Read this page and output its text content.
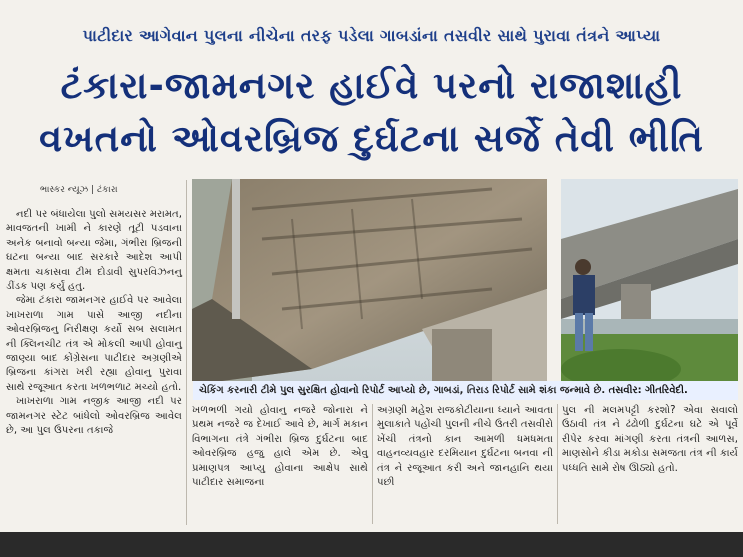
પાટીદાર આગેવાન પુલના નીચેના તરફ પડેલા ગાબડાંના તસવીર સાથે પુરાવા તંત્રને આપ્યા
ટંકારા-જામનગર હાઈવે પરનો રાજાશાહી
વખતનો ઓવરબ્રિજ દુર્ઘટના સર્જે તેવી ભીતિ
ભાસ્કર ન્યૂઝ | ટંકારા

નદી પર બંધાયેલા પુલો સમયસર મરામત, માવજતની ખામી ને કારણે તૂટી પડવાના અનેક બનાવો બન્યા જેમા, ગંભીરા બ્રિજની ઘટના બન્યા બાદ સરકારે આદેશ આપી ક્ષમતા ચકાસવા ટીમ દોડાવી સુપરવિઝનનુ ડીંડક પણ કર્યું હતુ.

જેમા ટંકારા જામનગર હાઈવે પર આવેલા ખાખરાળા ગામ પાસે આજી નદીના ઓવરબ્રિજનુ નિરીક્ષણ કર્યો સબ સલામત ની ક્લિનચીટ તંત્ર એ મોકલી આપી હોવાનુ જાણ્યા બાદ કોંગ્રેસના પાટીદાર અગ્રણીએ બ્રિજના કાંગરા ખરી રહ્યા હોવાનુ પુરાવા સાથે રજૂઆત કરતા ખળભળાટ મચ્યો હતો.

ખાખરાળા ગામ નજીક આજી નદી પર જામનગર સ્ટેટ બાંધેલો ઓવરબ્રિજ આવેલ છે, આ પુલ ઉપરના તકાજે

ચેકિંગ કરનારી ટીમે પુલ સુરક્ષિત હોવાનો રિપોર્ટ આપ્યો છે, ગાબડાં, તિરાડ રિપોર્ટ સામે શંકા જન્માવે છે. તસવીર: ગીતરિવેદી.

ખળભળી ગયો હોવાનુ નજરે જોનારા ને પ્રથમ નજરે જ દેખાઈ આવે છે, માર્ગ મકાન વિભાગના તંત્રે ગંભીરા બ્રિજ દુર્ઘટના બાદ ઓવરબ્રિજ હજુ હાલે એમ છે. એવુ પ્રમાણપત્ર આપ્યુ હોવાના આક્ષેપ સાથે પાટીદાર સમાજના

અગ્રણી મહેશ રાજકોટીયાના ધ્યાને આવતા મુલાકાતે પહોંચી પુલની નીચે ઉતરી તસવીરો ખેંચી તંત્રનો કાન આમળી ધમધમતા વાહનવ્યવહાર દરમિયાન દુર્ઘટના બનવા ની તંત્ર ને રજૂઆત કરી અને જાનહાનિ થયા પછી

પુલ ની મલમપટ્ટી કરશો? એવા સવાલો ઉઠાવી તંત્ર ને ઢંઢોળી દુર્ઘટના ઘટે એ પૂર્વે રીપેર કરવા માંગણી કરતા તંત્રની આળસ, માણસોને કીડા મકોડા સમજતા તંત્ર ની કાર્ય પધ્ધતિ સામે રોષ ઊઠ્યો હતો.
